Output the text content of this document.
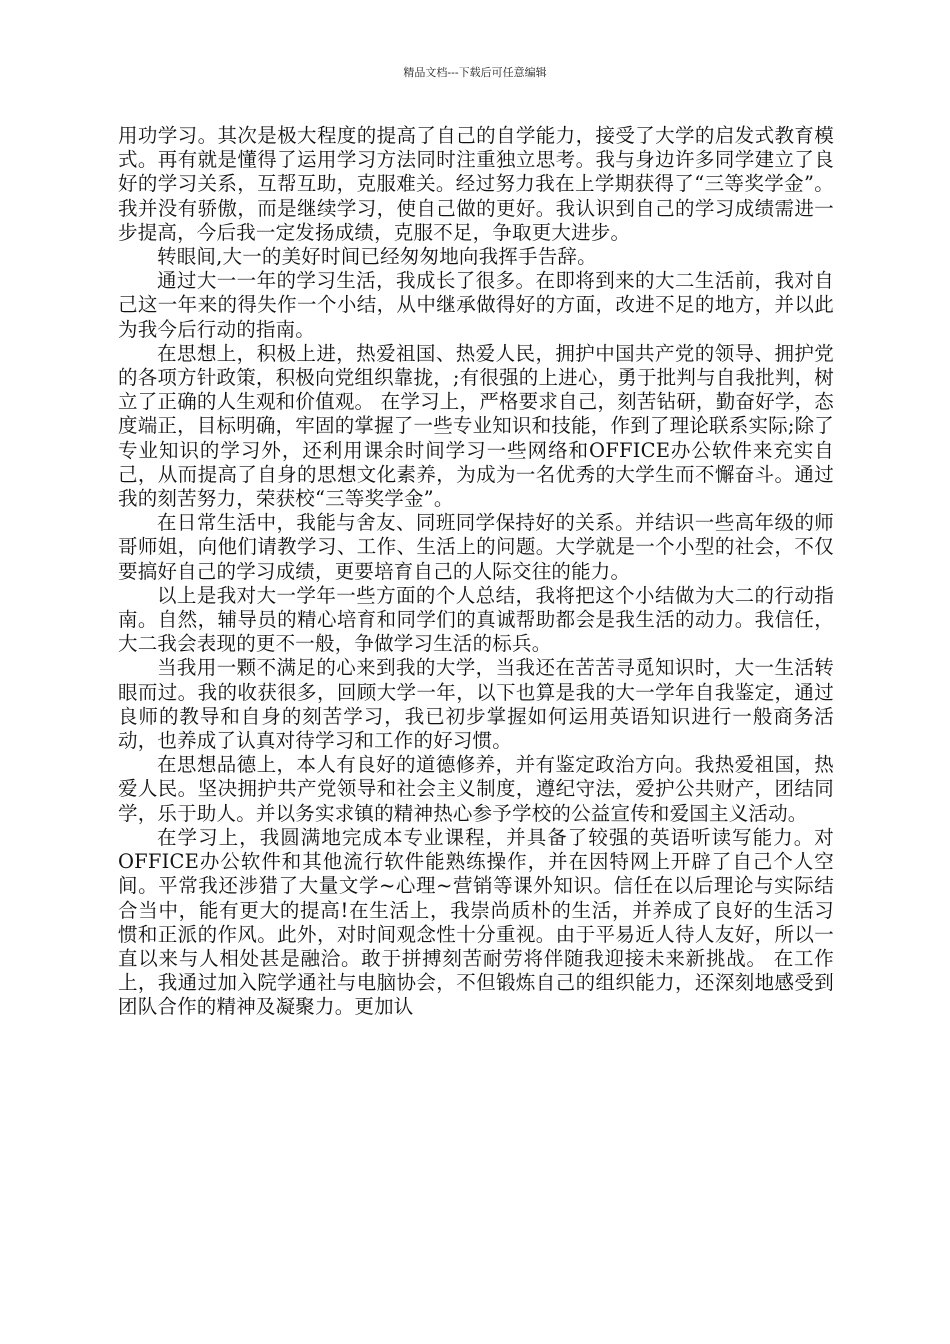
精品文档---下载后可任意编辑

用功学习。其次是极大程度的提高了自己的自学能力，接受了大学的启发式教育模式。再有就是懂得了运用学习方法同时注重独立思考。我与身边许多同学建立了良好的学习关系，互帮互助，克服难关。经过努力我在上学期获得了“三等奖学金”。我并没有骄傲，而是继续学习，使自己做的更好。我认识到自己的学习成绩需进一步提高，今后我一定发扬成绩，克服不足，争取更大进步。

转眼间,大一的美好时间已经匆匆地向我挥手告辞。

通过大一一年的学习生活，我成长了很多。在即将到来的大二生活前，我对自己这一年来的得失作一个小结，从中继承做得好的方面，改进不足的地方，并以此为我今后行动的指南。

在思想上，积极上进，热爱祖国、热爱人民，拥护中国共产党的领导、拥护党的各项方针政策，积极向党组织靠拢，;有很强的上进心，勇于批判与自我批判，树立了正确的人生观和价值观。 在学习上，严格要求自己，刻苦钻研，勤奋好学，态度端正，目标明确，牢固的掌握了一些专业知识和技能，作到了理论联系实际;除了专业知识的学习外，还利用课余时间学习一些网络和OFFICE办公软件来充实自己，从而提高了自身的思想文化素养，为成为一名优秀的大学生而不懈奋斗。通过我的刻苦努力，荣获校“三等奖学金”。

在日常生活中，我能与舍友、同班同学保持好的关系。并结识一些高年级的师哥师姐，向他们请教学习、工作、生活上的问题。大学就是一个小型的社会，不仅要搞好自己的学习成绩，更要培育自己的人际交往的能力。

以上是我对大一学年一些方面的个人总结，我将把这个小结做为大二的行动指南。自然，辅导员的精心培育和同学们的真诚帮助都会是我生活的动力。我信任，大二我会表现的更不一般，争做学习生活的标兵。

当我用一颗不满足的心来到我的大学，当我还在苦苦寻觅知识时，大一生活转眼而过。我的收获很多，回顾大学一年，以下也算是我的大一学年自我鉴定，通过良师的教导和自身的刻苦学习，我已初步掌握如何运用英语知识进行一般商务活动，也养成了认真对待学习和工作的好习惯。

在思想品德上，本人有良好的道德修养，并有鉴定政治方向。我热爱祖国，热爱人民。坚决拥护共产党领导和社会主义制度，遵纪守法，爱护公共财产，团结同学，乐于助人。并以务实求镇的精神热心参予学校的公益宣传和爱国主义活动。

在学习上，我圆满地完成本专业课程，并具备了较强的英语听读写能力。对OFFICE办公软件和其他流行软件能熟练操作，并在因特网上开辟了自己个人空间。平常我还涉猎了大量文学~心理~营销等课外知识。信任在以后理论与实际结合当中，能有更大的提高!在生活上，我崇尚质朴的生活，并养成了良好的生活习惯和正派的作风。此外，对时间观念性十分重视。由于平易近人待人友好，所以一直以来与人相处甚是融洽。敢于拼搏刻苦耐劳将伴随我迎接未来新挑战。 在工作上，我通过加入院学通社与电脑协会，不但锻炼自己的组织能力，还深刻地感受到团队合作的精神及凝聚力。更加认
